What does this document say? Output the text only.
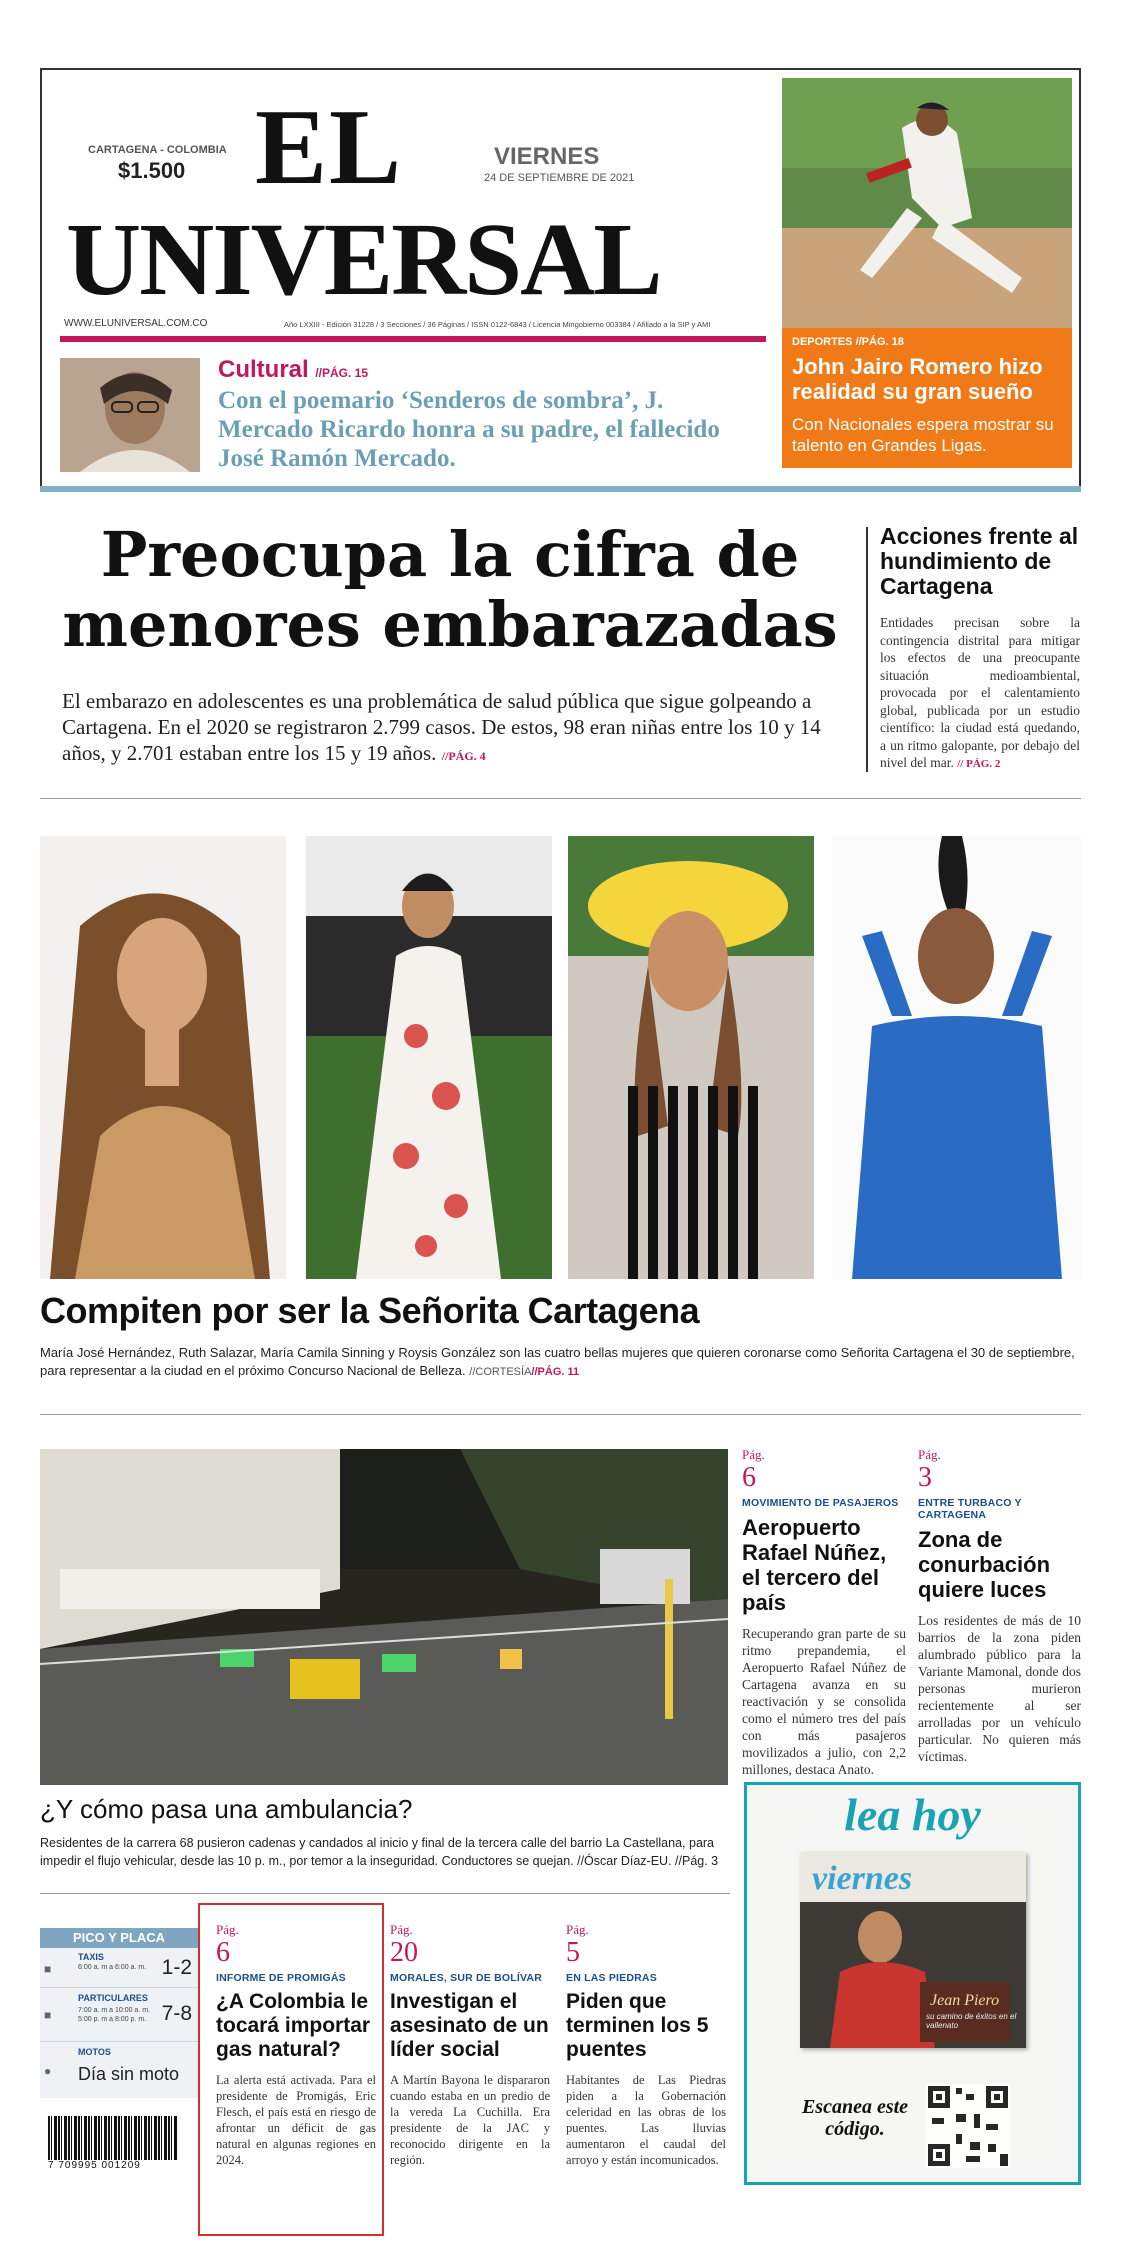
CARTAGENA - COLOMBIA
$1.500 EL
UNIVERSAL
VIERNES
24 DE SEPTIEMBRE DE 2021
WWW.ELUNIVERSAL.COM.CO	Año LXXIII - Edición 31228 / 3 Secciones / 36 Páginas / ISSN 0122-6843 / Licencia Mingobierno 003384 / Afiliado a la SIP y AMI
Cultural //PÁG. 15
Con el poemario ‘Senderos de sombra’, J. Mercado Ricardo honra a su padre, el fallecido José Ramón Mercado.
DEPORTES //PÁG. 18
John Jairo Romero hizo realidad su gran sueño
Con Nacionales espera mostrar su talento en Grandes Ligas.
Preocupa la cifra de menores embarazadas
El embarazo en adolescentes es una problemática de salud pública que sigue golpeando a Cartagena. En el 2020 se registraron 2.799 casos. De estos, 98 eran niñas entre los 10 y 14 años, y 2.701 estaban entre los 15 y 19 años. //PÁG. 4
Acciones frente al hundimiento de Cartagena
Entidades precisan sobre la contingencia distrital para mitigar los efectos de una preocupante situación medioambiental, provocada por el calentamiento global, publicada por un estudio científico: la ciudad está quedando, a un ritmo galopante, por debajo del nivel del mar. // PÁG. 2
Compiten por ser la Señorita Cartagena
María José Hernández, Ruth Salazar, María Camila Sinning y Roysis González son las cuatro bellas mujeres que quieren coronarse como Señorita Cartagena el 30 de septiembre, para representar a la ciudad en el próximo Concurso Nacional de Belleza. //CORTESÍA//PÁG. 11
¿Y cómo pasa una ambulancia?
Residentes de la carrera 68 pusieron cadenas y candados al inicio y final de la tercera calle del barrio La Castellana, para impedir el flujo vehicular, desde las 10 p. m., por temor a la inseguridad. Conductores se quejan. //Óscar Díaz-EU. //Pág. 3
Pág.
6
MOVIMIENTO DE PASAJEROS
Aeropuerto Rafael Núñez, el tercero del país
Recuperando gran parte de su ritmo prepandemia, el Aeropuerto Rafael Núñez de Cartagena avanza en su reactivación y se consolida como el número tres del país con más pasajeros movilizados a julio, con 2,2 millones, destaca Anato.
Pág.
3
ENTRE TURBACO Y CARTAGENA
Zona de conurbación quiere luces
Los residentes de más de 10 barrios de la zona piden alumbrado público para la Variante Mamonal, donde dos personas murieron recientemente al ser arrolladas por un vehículo particular. No quieren más víctimas.
PICO Y PLACA
■
TAXIS
6:00 a. m a 6:00 a. m. 1-2
■
PARTICULARES
7:00 a. m a 10:00 a. m. 5:00 p. m a 8:00 p. m. 7-8
●
MOTOS
Día sin moto
7 709995 001209
Pág.
6
INFORME DE PROMIGÁS
¿A Colombia le tocará importar gas natural?
La alerta está activada. Para el presidente de Promigás, Eric Flesch, el país está en riesgo de afrontar un déficit de gas natural en algunas regiones en 2024.
Pág.
20
MORALES, SUR DE BOLÍVAR
Investigan el asesinato de un líder social
A Martín Bayona le dispararon cuando estaba en un predio de la vereda La Cuchilla. Era presidente de la JAC y reconocido dirigente en la región.
Pág.
5
EN LAS PIEDRAS
Piden que terminen los 5 puentes
Habitantes de Las Piedras piden a la Gobernación celeridad en las obras de los puentes. Las lluvias aumentaron el caudal del arroyo y están incomunicados.
lea hoy
viernes
Jean Piero
su camino de éxitos en el vallenato
Escanea este código.
